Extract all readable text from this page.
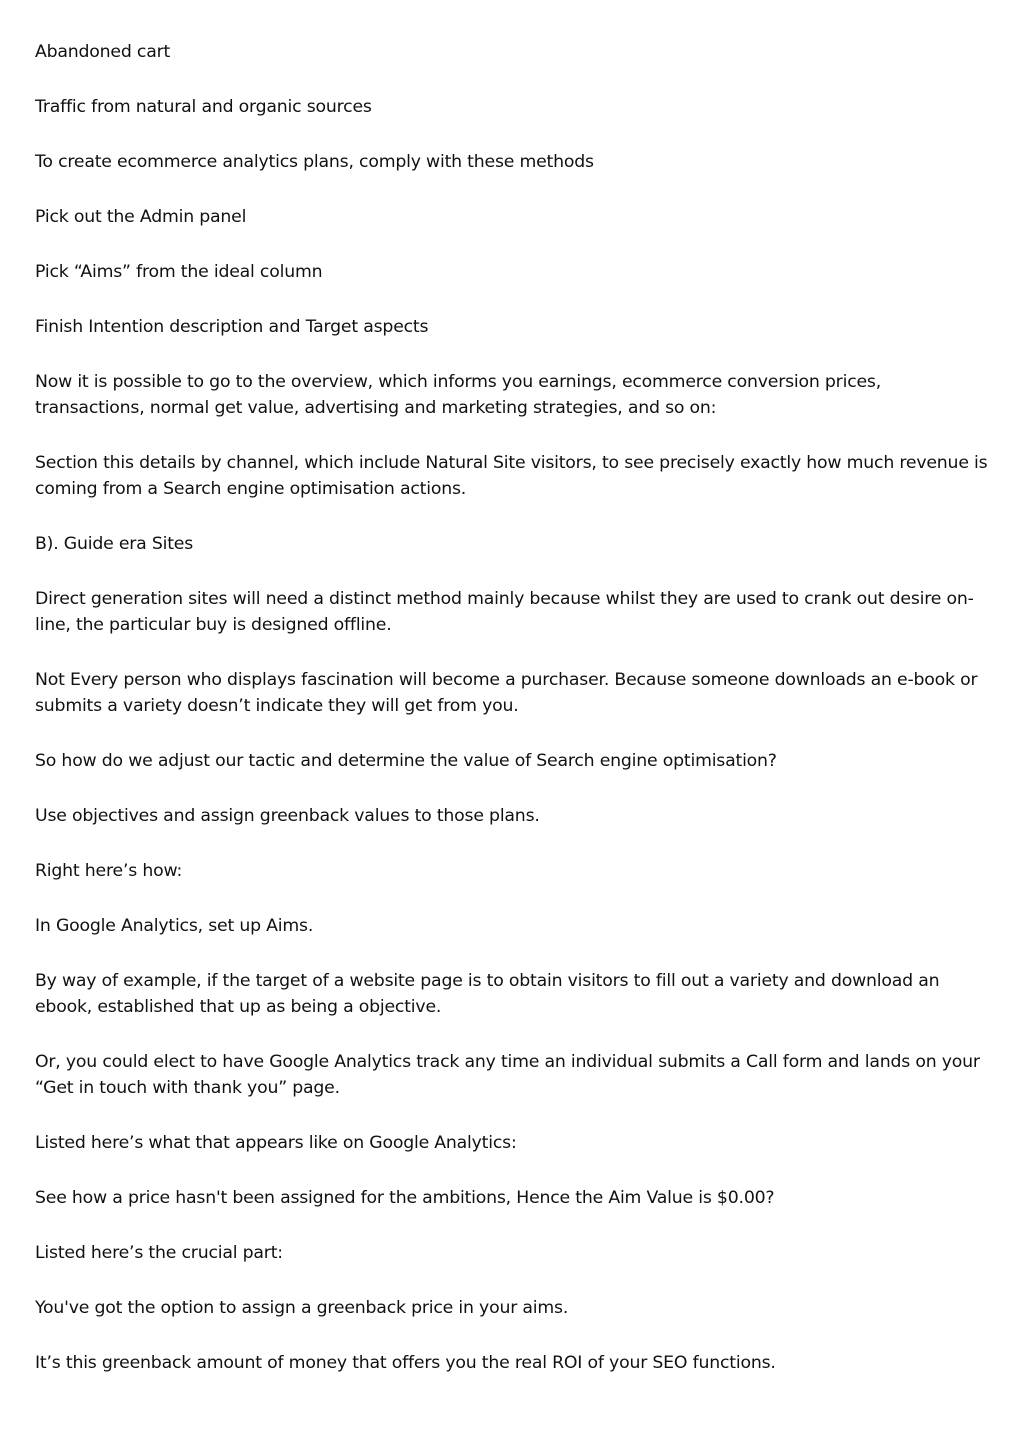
Abandoned cart

Traffic from natural and organic sources

To create ecommerce analytics plans, comply with these methods

Pick out the Admin panel

Pick “Aims” from the ideal column

Finish Intention description and Target aspects

Now it is possible to go to the overview, which informs you earnings, ecommerce conversion prices, transactions, normal get value, advertising and marketing strategies, and so on:

Section this details by channel, which include Natural Site visitors, to see precisely exactly how much revenue is coming from a Search engine optimisation actions.

B). Guide era Sites

Direct generation sites will need a distinct method mainly because whilst they are used to crank out desire on-line, the particular buy is designed offline.

Not Every person who displays fascination will become a purchaser. Because someone downloads an e-book or submits a variety doesn’t indicate they will get from you.

So how do we adjust our tactic and determine the value of Search engine optimisation?

Use objectives and assign greenback values to those plans.

Right here’s how:

In Google Analytics, set up Aims.

By way of example, if the target of a website page is to obtain visitors to fill out a variety and download an ebook, established that up as being a objective.

Or, you could elect to have Google Analytics track any time an individual submits a Call form and lands on your “Get in touch with thank you” page.

Listed here’s what that appears like on Google Analytics:

See how a price hasn't been assigned for the ambitions, Hence the Aim Value is $0.00?

Listed here’s the crucial part:

You've got the option to assign a greenback price in your aims.

It’s this greenback amount of money that offers you the real ROI of your SEO functions.
